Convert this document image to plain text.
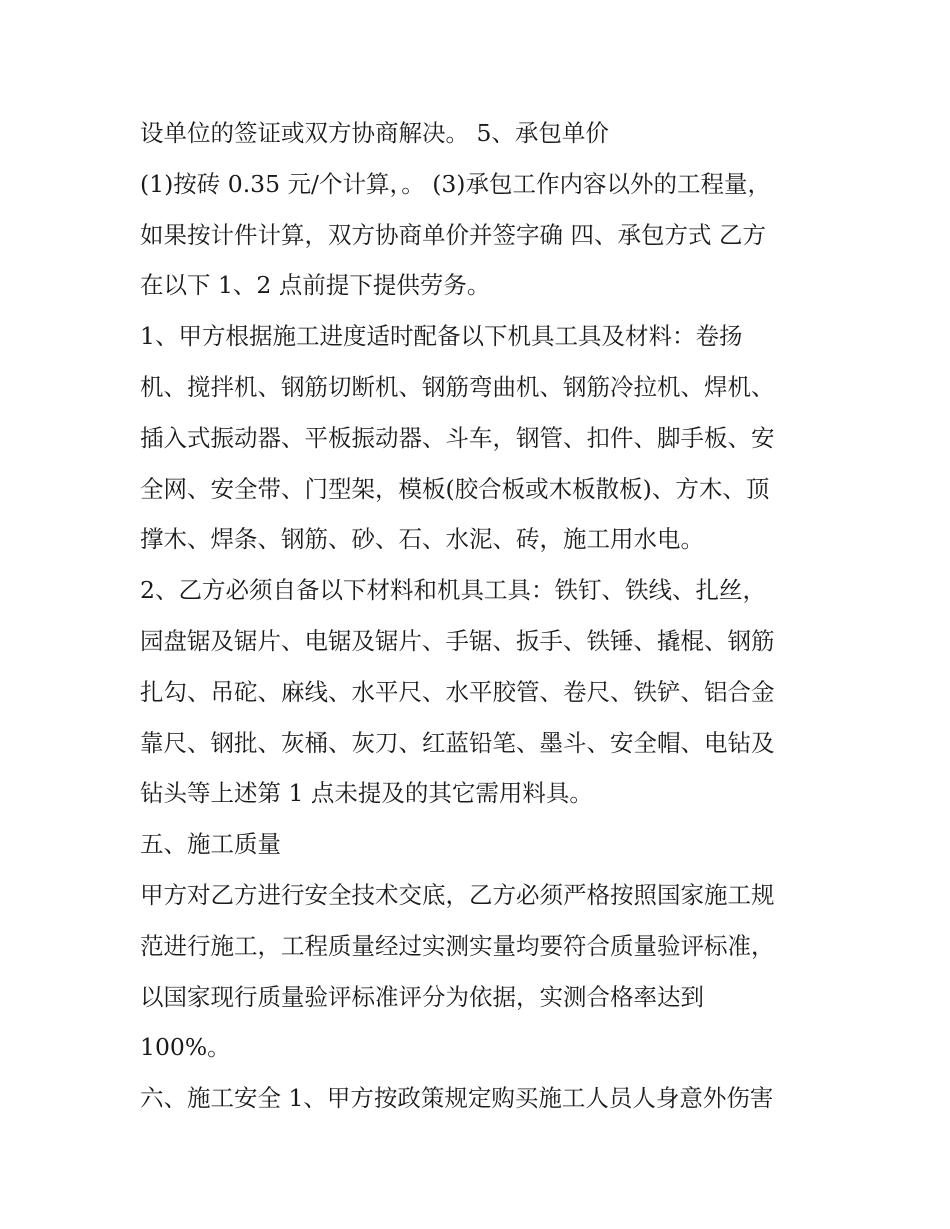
设单位的签证或双方协商解决。 5、承包单价
(1)按砖 0.35 元/个计算，。 (3)承包工作内容以外的工程量，
如果按计件计算，双方协商单价并签字确 四、承包方式 乙方
在以下 1、2 点前提下提供劳务。
1、甲方根据施工进度适时配备以下机具工具及材料：卷扬
机、搅拌机、钢筋切断机、钢筋弯曲机、钢筋冷拉机、焊机、
插入式振动器、平板振动器、斗车，钢管、扣件、脚手板、安
全网、安全带、门型架，模板(胶合板或木板散板)、方木、顶
撑木、焊条、钢筋、砂、石、水泥、砖，施工用水电。
2、乙方必须自备以下材料和机具工具：铁钉、铁线、扎丝，
园盘锯及锯片、电锯及锯片、手锯、扳手、铁锤、撬棍、钢筋
扎勾、吊砣、麻线、水平尺、水平胶管、卷尺、铁铲、铝合金
靠尺、钢批、灰桶、灰刀、红蓝铅笔、墨斗、安全帽、电钻及
钻头等上述第 1 点未提及的其它需用料具。
五、施工质量
甲方对乙方进行安全技术交底，乙方必须严格按照国家施工规
范进行施工，工程质量经过实测实量均要符合质量验评标准，
以国家现行质量验评标准评分为依据，实测合格率达到
100%。
六、施工安全 1、甲方按政策规定购买施工人员人身意外伤害
